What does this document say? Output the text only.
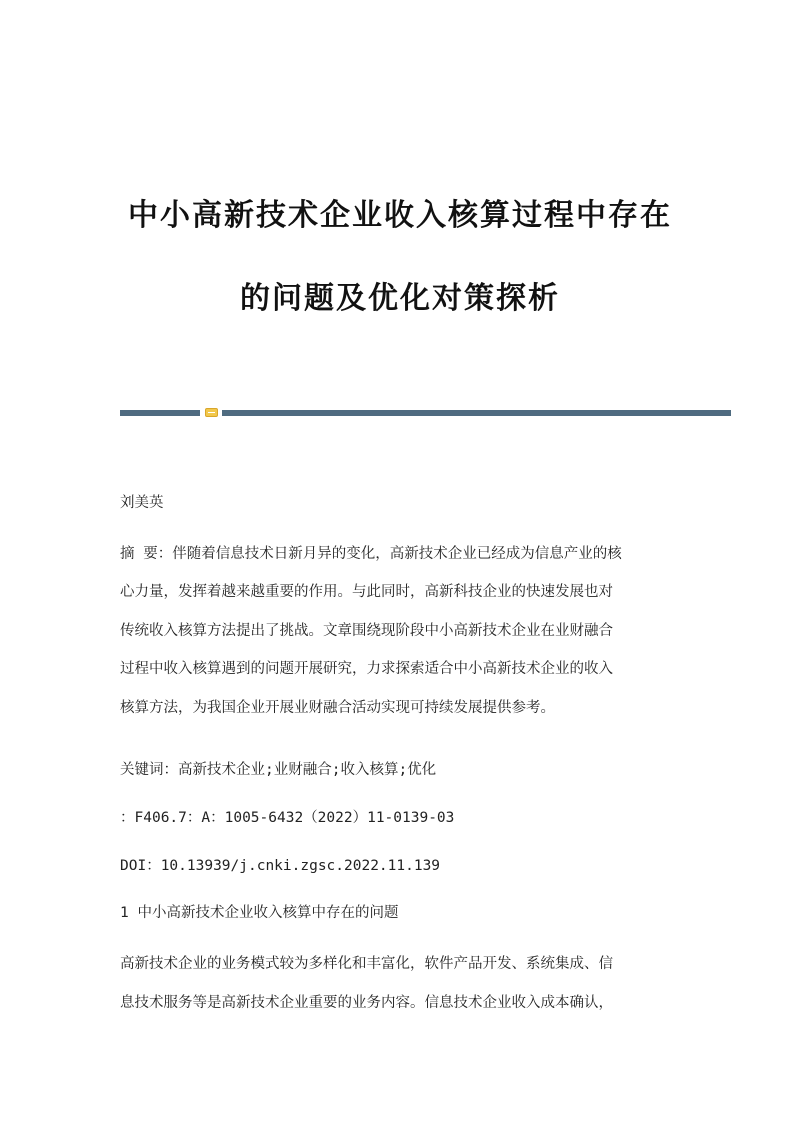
中小高新技术企业收入核算过程中存在
的问题及优化对策探析
刘美英
摘 要：伴随着信息技术日新月异的变化，高新技术企业已经成为信息产业的核
心力量，发挥着越来越重要的作用。与此同时，高新科技企业的快速发展也对
传统收入核算方法提出了挑战。文章围绕现阶段中小高新技术企业在业财融合
过程中收入核算遇到的问题开展研究，力求探索适合中小高新技术企业的收入
核算方法，为我国企业开展业财融合活动实现可持续发展提供参考。
关键词：高新技术企业;业财融合;收入核算;优化
：F406.7：A：1005-6432（2022）11-0139-03
DOI：10.13939/j.cnki.zgsc.2022.11.139
1 中小高新技术企业收入核算中存在的问题
高新技术企业的业务模式较为多样化和丰富化，软件产品开发、系统集成、信
息技术服务等是高新技术企业重要的业务内容。信息技术企业收入成本确认，
